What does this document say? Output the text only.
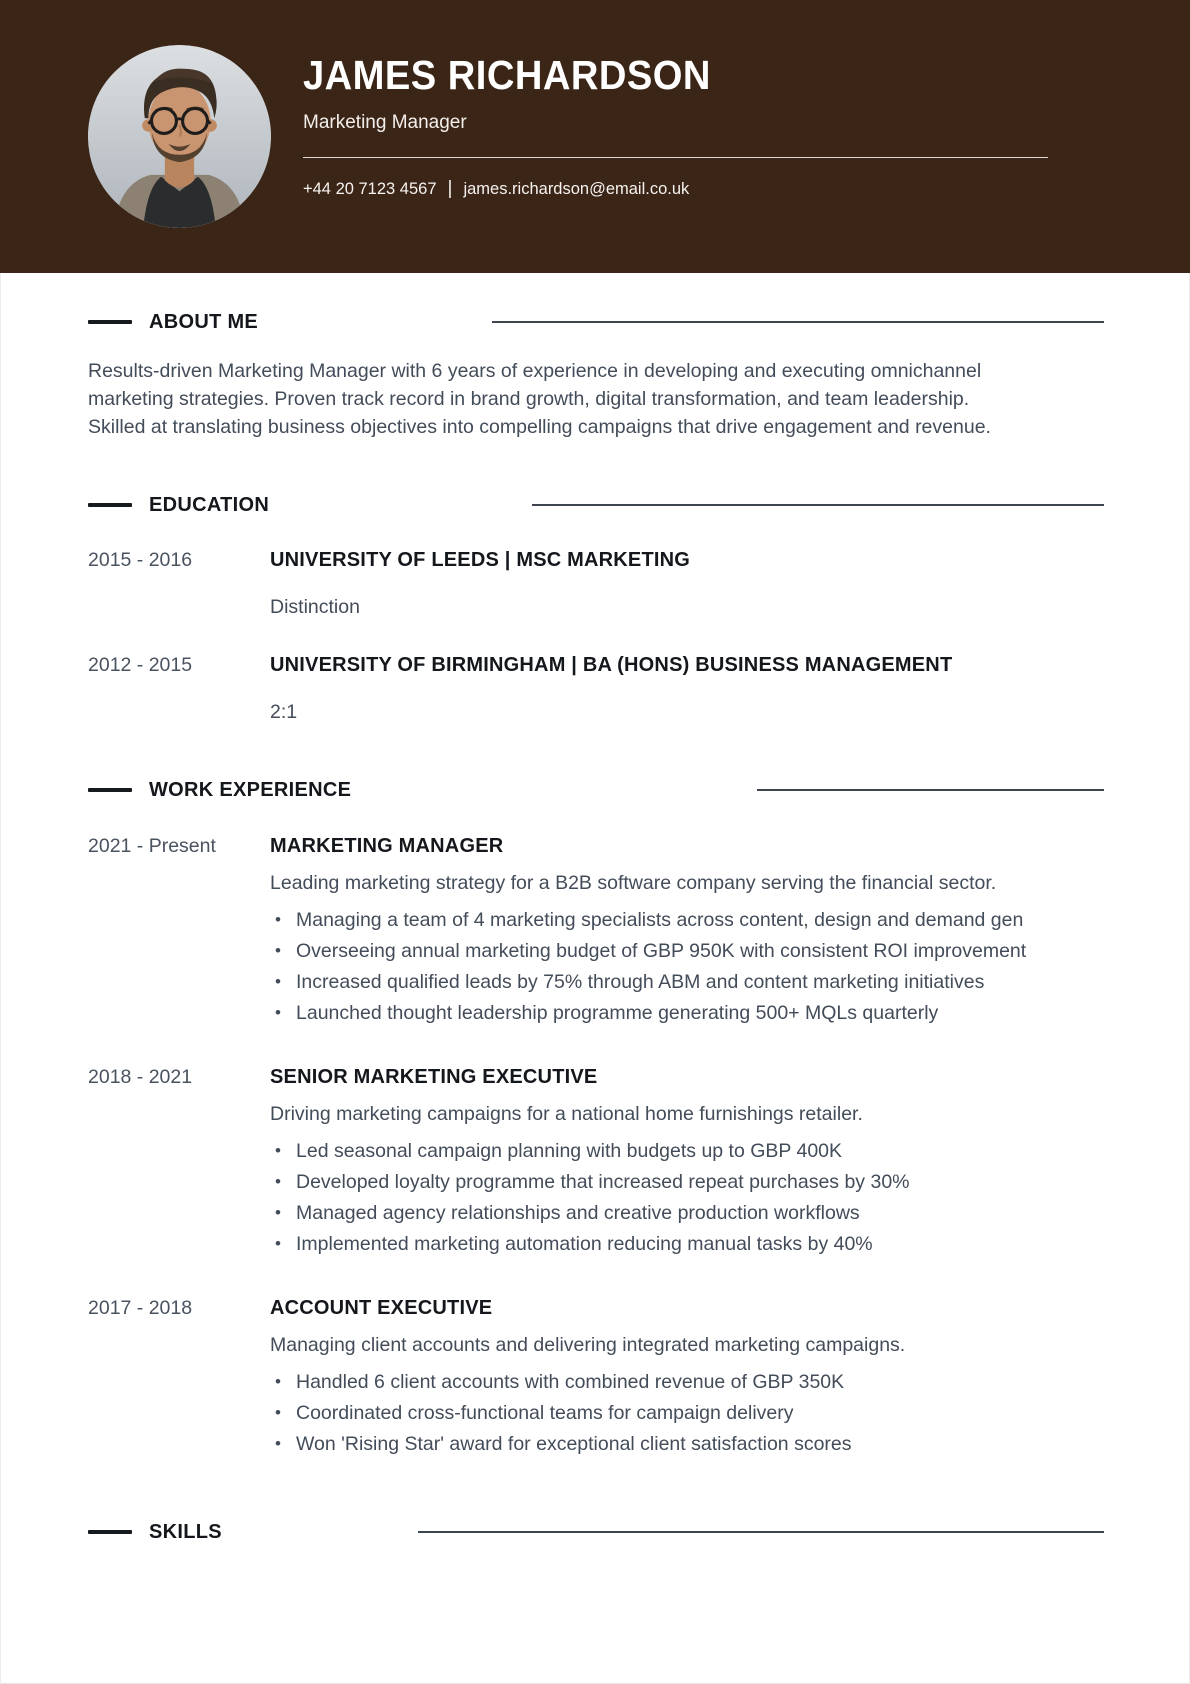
JAMES RICHARDSON
Marketing Manager
+44 20 7123 4567 | james.richardson@email.co.uk
ABOUT ME
Results-driven Marketing Manager with 6 years of experience in developing and executing omnichannel marketing strategies. Proven track record in brand growth, digital transformation, and team leadership. Skilled at translating business objectives into compelling campaigns that drive engagement and revenue.
EDUCATION
2015 - 2016	UNIVERSITY OF LEEDS | MSC MARKETING
Distinction
2012 - 2015	UNIVERSITY OF BIRMINGHAM | BA (HONS) BUSINESS MANAGEMENT
2:1
WORK EXPERIENCE
2021 - Present	MARKETING MANAGER
Leading marketing strategy for a B2B software company serving the financial sector.
• Managing a team of 4 marketing specialists across content, design and demand gen
• Overseeing annual marketing budget of GBP 950K with consistent ROI improvement
• Increased qualified leads by 75% through ABM and content marketing initiatives
• Launched thought leadership programme generating 500+ MQLs quarterly
2018 - 2021	SENIOR MARKETING EXECUTIVE
Driving marketing campaigns for a national home furnishings retailer.
• Led seasonal campaign planning with budgets up to GBP 400K
• Developed loyalty programme that increased repeat purchases by 30%
• Managed agency relationships and creative production workflows
• Implemented marketing automation reducing manual tasks by 40%
2017 - 2018	ACCOUNT EXECUTIVE
Managing client accounts and delivering integrated marketing campaigns.
• Handled 6 client accounts with combined revenue of GBP 350K
• Coordinated cross-functional teams for campaign delivery
• Won 'Rising Star' award for exceptional client satisfaction scores
SKILLS
